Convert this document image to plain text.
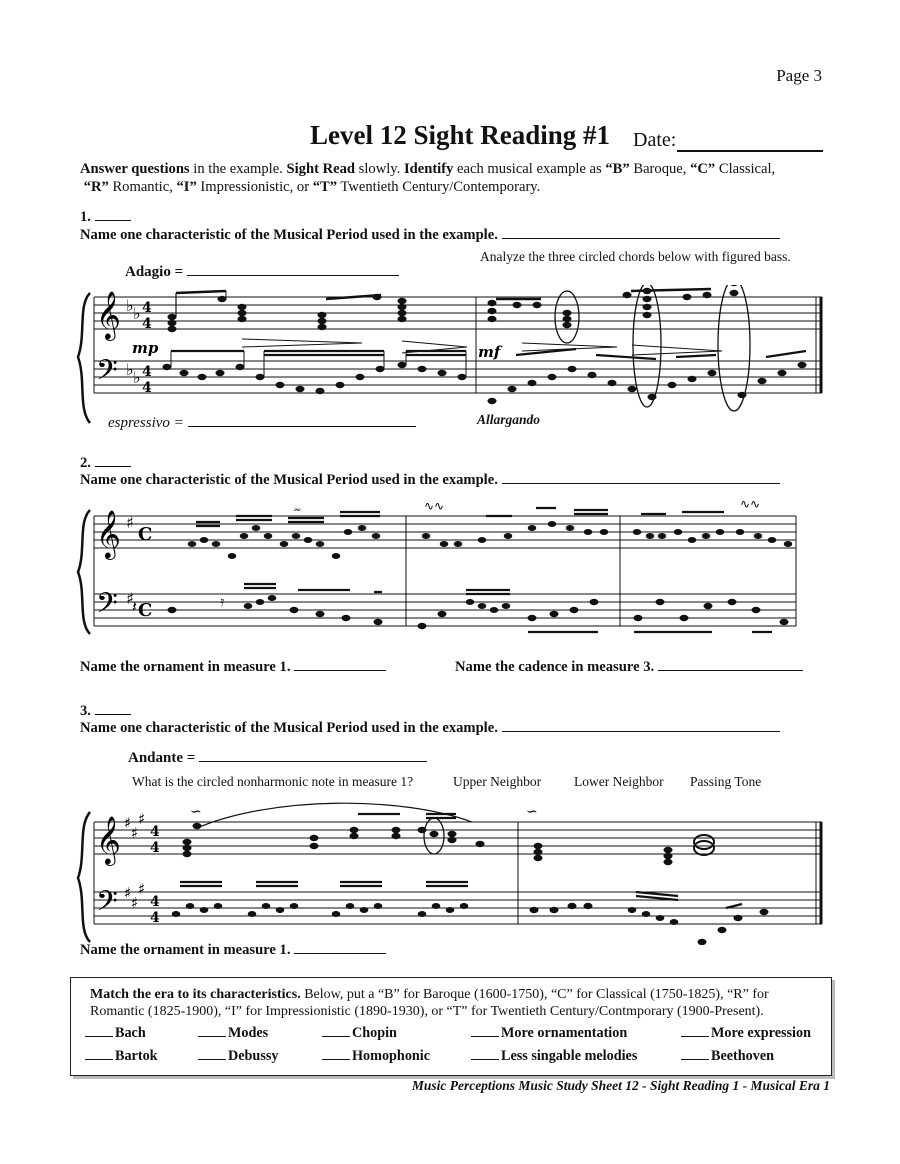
Page 3
Level 12 Sight Reading #1 Date:
Answer questions in the example. Sight Read slowly. Identify each musical example as “B” Baroque, “C” Classical,
“R” Romantic, “I” Impressionistic, or “T” Twentieth Century/Contemporary.
1.
Name one characteristic of the Musical Period used in the example.
Analyze the three circled chords below with figured bass.
Adagio =
𝄞
𝄢
♭ ♭
♭ ♭
4
4
4
4
mp	mf
espressivo =	Allargando
2.
Name one characteristic of the Musical Period used in the example.
𝄞
𝄢
♯
♯
C
C
𝆗	∿∿	∿∿
𝄽	𝄿
Name the ornament in measure 1.	Name the cadence in measure 3.
3.
Name one characteristic of the Musical Period used in the example.
Andante =
What is the circled nonharmonic note in measure 1?	Upper Neighbor Lower Neighbor Passing Tone
𝄞
𝄢
♯
♯
♯
♯
♯
♯
4
4
4
4
∽	∽
Name the ornament in measure 1.
Match the era to its characteristics. Below, put a “B” for Baroque (1600-1750), “C” for Classical (1750-1825), “R” for Romantic (1825-1900), “I” for Impressionistic (1890-1930), or “T” for Twentieth Century/Contmporary (1900-Present).
Bach	Modes	Chopin	More ornamentation	More expression
Bartok	Debussy	Homophonic	Less singable melodies	Beethoven
Music Perceptions Music Study Sheet 12 - Sight Reading 1 - Musical Era 1
